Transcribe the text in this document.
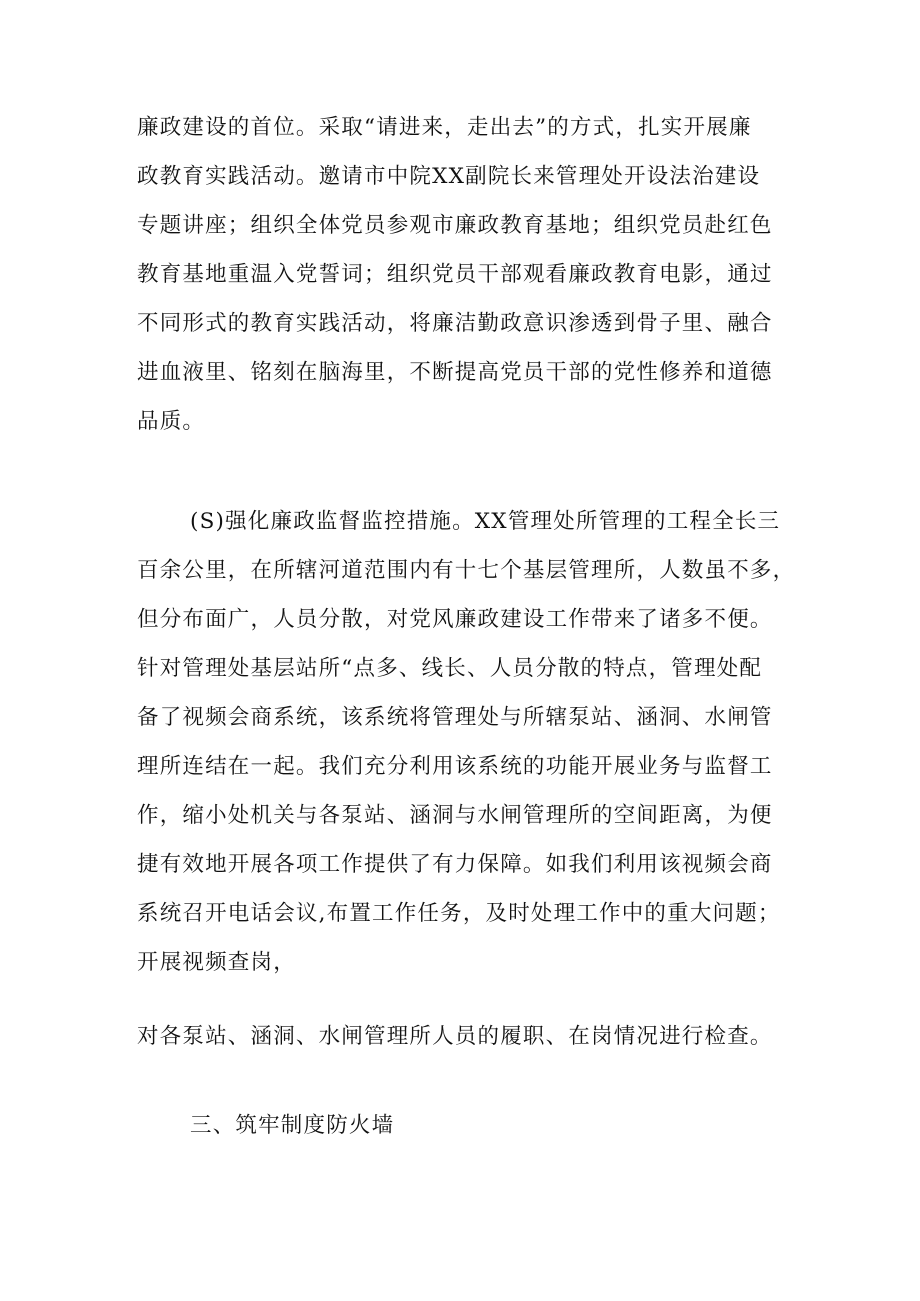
廉政建设的首位。采取“请进来，走出去”的方式，扎实开展廉
政教育实践活动。邀请市中院XX副院长来管理处开设法治建设
专题讲座；组织全体党员参观市廉政教育基地；组织党员赴红色
教育基地重温入党誓词；组织党员干部观看廉政教育电影，通过
不同形式的教育实践活动，将廉洁勤政意识渗透到骨子里、融合
进血液里、铭刻在脑海里，不断提高党员干部的党性修养和道德
品质。
(S)强化廉政监督监控措施。XX管理处所管理的工程全长三
百余公里，在所辖河道范围内有十七个基层管理所，人数虽不多，
但分布面广，人员分散，对党风廉政建设工作带来了诸多不便。
针对管理处基层站所“点多、线长、人员分散的特点，管理处配
备了视频会商系统，该系统将管理处与所辖泵站、涵洞、水闸管
理所连结在一起。我们充分利用该系统的功能开展业务与监督工
作，缩小处机关与各泵站、涵洞与水闸管理所的空间距离，为便
捷有效地开展各项工作提供了有力保障。如我们利用该视频会商
系统召开电话会议,布置工作任务，及时处理工作中的重大问题；
开展视频查岗，
对各泵站、涵洞、水闸管理所人员的履职、在岗情况进行检查。
三、筑牢制度防火墙
